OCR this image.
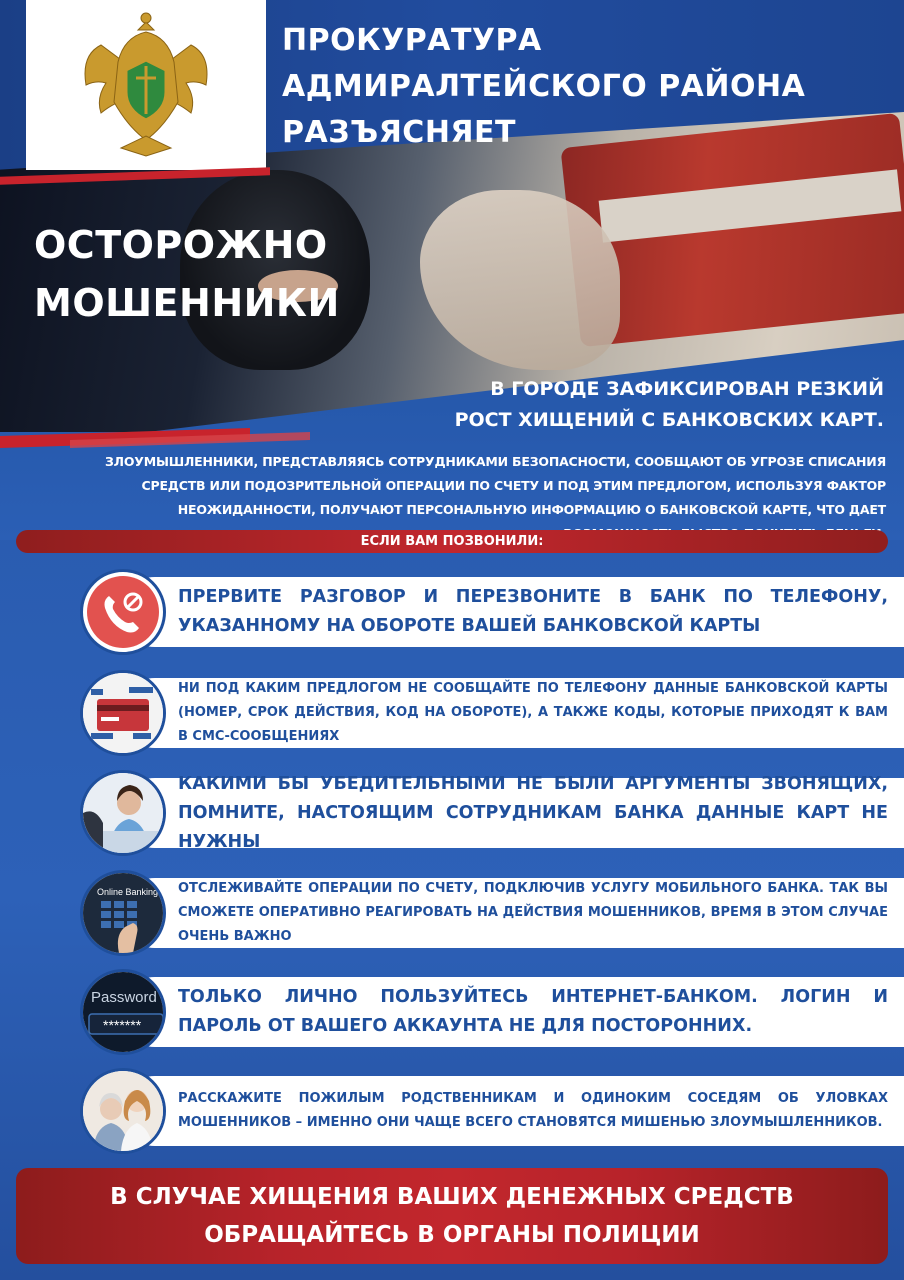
ПРОКУРАТУРА АДМИРАЛТЕЙСКОГО РАЙОНА
РАЗЪЯСНЯЕТ
ОСТОРОЖНО
МОШЕННИКИ
В ГОРОДЕ ЗАФИКСИРОВАН РЕЗКИЙ
РОСТ ХИЩЕНИЙ С БАНКОВСКИХ КАРТ.
ЗЛОУМЫШЛЕННИКИ, ПРЕДСТАВЛЯЯСЬ СОТРУДНИКАМИ БЕЗОПАСНОСТИ, СООБЩАЮТ ОБ УГРОЗЕ СПИСАНИЯ СРЕДСТВ ИЛИ ПОДОЗРИТЕЛЬНОЙ ОПЕРАЦИИ ПО СЧЕТУ И ПОД ЭТИМ ПРЕДЛОГОМ, ИСПОЛЬЗУЯ ФАКТОР НЕОЖИДАННОСТИ, ПОЛУЧАЮТ ПЕРСОНАЛЬНУЮ ИНФОРМАЦИЮ О БАНКОВСКОЙ КАРТЕ, ЧТО ДАЕТ
ЕСЛИ ВАМ ПОЗВОНИЛИ:
ПРЕРВИТЕ РАЗГОВОР И ПЕРЕЗВОНИТЕ В БАНК ПО ТЕЛЕФОНУ, УКАЗАННОМУ НА ОБОРОТЕ ВАШЕЙ БАНКОВСКОЙ КАРТЫ
НИ ПОД КАКИМ ПРЕДЛОГОМ НЕ СООБЩАЙТЕ ПО ТЕЛЕФОНУ ДАННЫЕ БАНКОВСКОЙ КАРТЫ (НОМЕР, СРОК ДЕЙСТВИЯ, КОД НА ОБОРОТЕ), А ТАКЖЕ КОДЫ, КОТОРЫЕ ПРИХОДЯТ К ВАМ В СМС-СООБЩЕНИЯХ
КАКИМИ БЫ УБЕДИТЕЛЬНЫМИ НЕ БЫЛИ АРГУМЕНТЫ ЗВОНЯЩИХ, ПОМНИТЕ, НАСТОЯЩИМ СОТРУДНИКАМ БАНКА ДАННЫЕ КАРТ НЕ НУЖНЫ
Online Banking ОТСЛЕЖИВАЙТЕ ОПЕРАЦИИ ПО СЧЕТУ, ПОДКЛЮЧИВ УСЛУГУ МОБИЛЬНОГО БАНКА. ТАК ВЫ СМОЖЕТЕ ОПЕРАТИВНО РЕАГИРОВАТЬ НА ДЕЙСТВИЯ МОШЕННИКОВ, ВРЕМЯ В ЭТОМ СЛУЧАЕ ОЧЕНЬ ВАЖНО
Password
*******
ТОЛЬКО ЛИЧНО ПОЛЬЗУЙТЕСЬ ИНТЕРНЕТ-БАНКОМ. ЛОГИН И ПАРОЛЬ ОТ ВАШЕГО АККАУНТА НЕ ДЛЯ ПОСТОРОННИХ.
РАССКАЖИТЕ ПОЖИЛЫМ РОДСТВЕННИКАМ И ОДИНОКИМ СОСЕДЯМ ОБ УЛОВКАХ МОШЕННИКОВ – ИМЕННО ОНИ ЧАЩЕ ВСЕГО СТАНОВЯТСЯ МИШЕНЬЮ ЗЛОУМЫШЛЕННИКОВ.
В СЛУЧАЕ ХИЩЕНИЯ ВАШИХ ДЕНЕЖНЫХ СРЕДСТВ
ОБРАЩАЙТЕСЬ В ОРГАНЫ ПОЛИЦИИ
